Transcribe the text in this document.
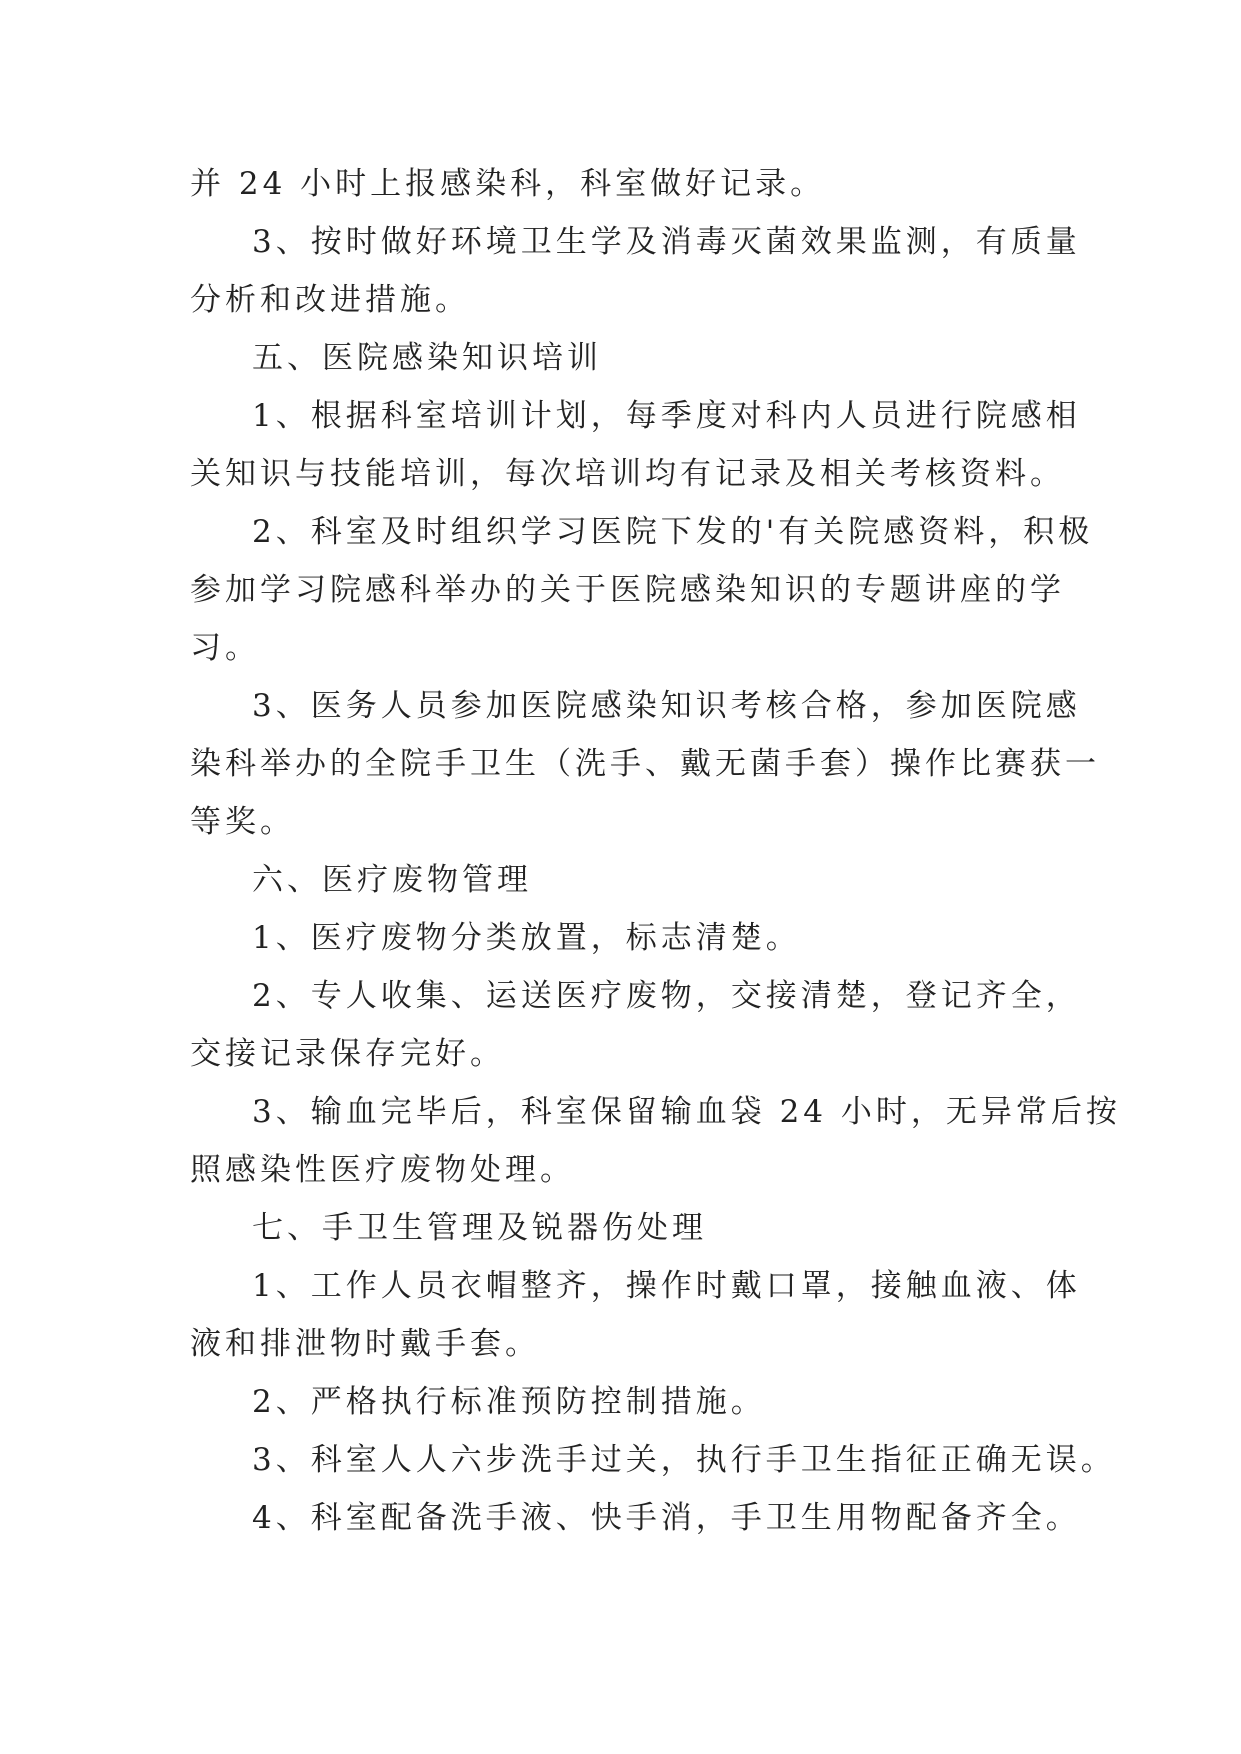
并 24 小时上报感染科，科室做好记录。
3、按时做好环境卫生学及消毒灭菌效果监测，有质量
分析和改进措施。
五、医院感染知识培训
1、根据科室培训计划，每季度对科内人员进行院感相
关知识与技能培训，每次培训均有记录及相关考核资料。
2、科室及时组织学习医院下发的'有关院感资料，积极
参加学习院感科举办的关于医院感染知识的专题讲座的学
习。
3、医务人员参加医院感染知识考核合格，参加医院感
染科举办的全院手卫生（洗手、戴无菌手套）操作比赛获一
等奖。
六、医疗废物管理
1、医疗废物分类放置，标志清楚。
2、专人收集、运送医疗废物，交接清楚，登记齐全，
交接记录保存完好。
3、输血完毕后，科室保留输血袋 24 小时，无异常后按
照感染性医疗废物处理。
七、手卫生管理及锐器伤处理
1、工作人员衣帽整齐，操作时戴口罩，接触血液、体
液和排泄物时戴手套。
2、严格执行标准预防控制措施。
3、科室人人六步洗手过关，执行手卫生指征正确无误。
4、科室配备洗手液、快手消，手卫生用物配备齐全。
